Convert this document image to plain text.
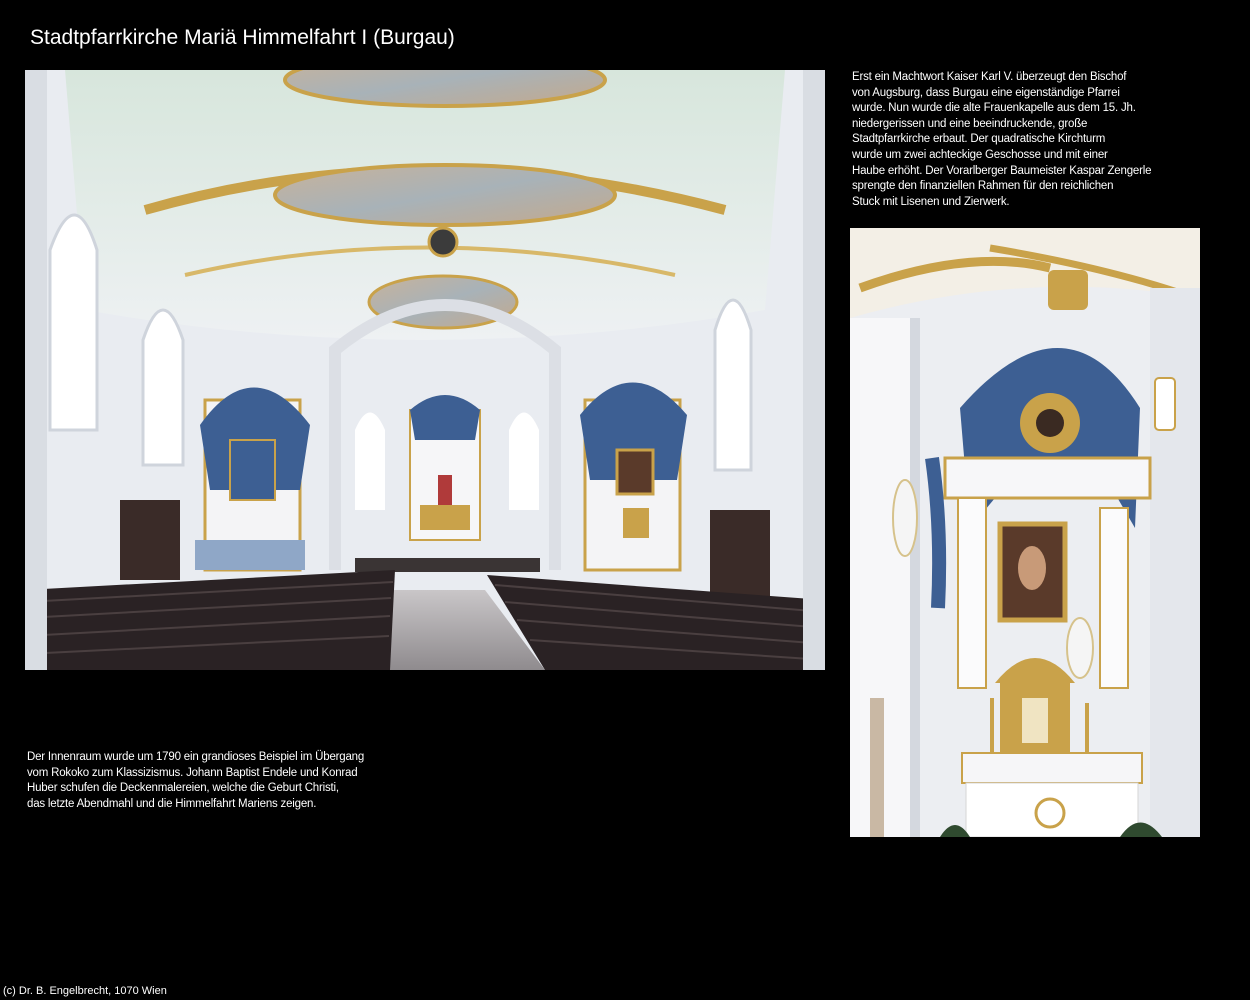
Stadtpfarrkirche Mariä Himmelfahrt I (Burgau)
Erst ein Machtwort Kaiser Karl V. überzeugt den Bischof
von Augsburg, dass Burgau eine eigenständige Pfarrei
wurde. Nun wurde die alte Frauenkapelle aus dem 15. Jh.
niedergerissen und eine beeindruckende, große
Stadtpfarrkirche erbaut. Der quadratische Kirchturm
wurde um zwei achteckige Geschosse und mit einer
Haube erhöht. Der Vorarlberger Baumeister Kaspar Zengerle
sprengte den finanziellen Rahmen für den reichlichen
Stuck mit Lisenen und Zierwerk.
Der Innenraum wurde um 1790 ein grandioses Beispiel im Übergang
vom Rokoko zum Klassizismus. Johann Baptist Endele und Konrad
Huber schufen die Deckenmalereien, welche die Geburt Christi,
das letzte Abendmahl und die Himmelfahrt Mariens zeigen.
(c) Dr. B. Engelbrecht, 1070 Wien
